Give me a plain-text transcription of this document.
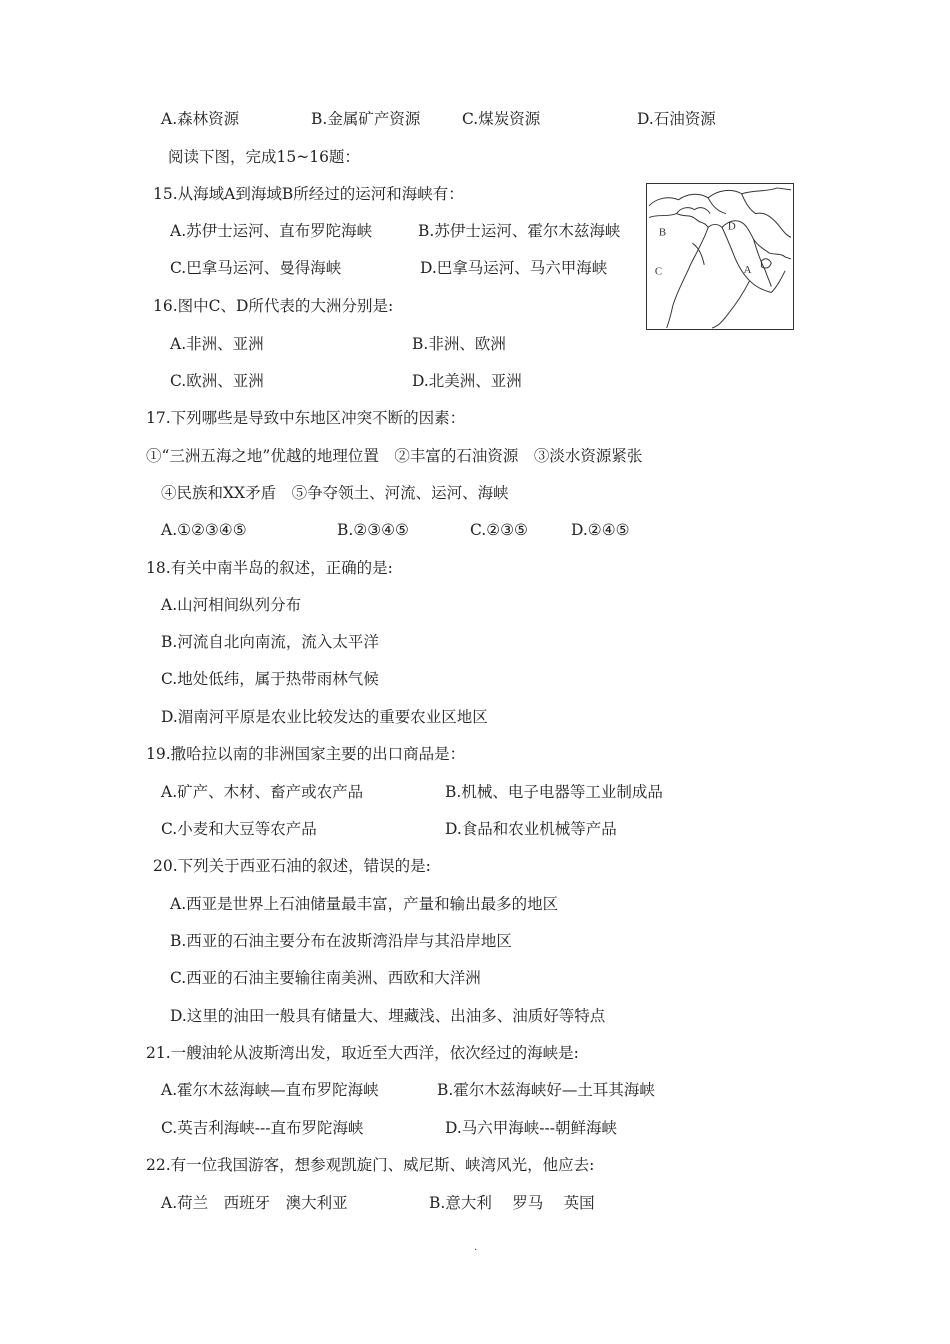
A.森林资源	B.金属矿产资源	C.煤炭资源	D.石油资源
阅读下图，完成15~16题：
15.从海域A到海域B所经过的运河和海峡有：
A.苏伊士运河、直布罗陀海峡	B.苏伊士运河、霍尔木兹海峡
C.巴拿马运河、曼得海峡	D.巴拿马运河、马六甲海峡
B	D
C	A
16.图中C、D所代表的大洲分别是:
A.非洲、亚洲	B.非洲、欧洲
C.欧洲、亚洲	D.北美洲、亚洲
17.下列哪些是导致中东地区冲突不断的因素：
①“三洲五海之地”优越的地理位置　②丰富的石油资源　③淡水资源紧张
④民族和XX矛盾　⑤争夺领土、河流、运河、海峡
A.①②③④⑤	B.②③④⑤	C.②③⑤	D.②④⑤
18.有关中南半岛的叙述，正确的是:
A.山河相间纵列分布
B.河流自北向南流，流入太平洋
C.地处低纬，属于热带雨林气候
D.湄南河平原是农业比较发达的重要农业区地区
19.撒哈拉以南的非洲国家主要的出口商品是：
A.矿产、木材、畜产或农产品	B.机械、电子电器等工业制成品
C.小麦和大豆等农产品	D.食品和农业机械等产品
20.下列关于西亚石油的叙述，错误的是:
A.西亚是世界上石油储量最丰富，产量和输出最多的地区
B.西亚的石油主要分布在波斯湾沿岸与其沿岸地区
C.西亚的石油主要输往南美洲、西欧和大洋洲
D.这里的油田一般具有储量大、埋藏浅、出油多、油质好等特点
21.一艘油轮从波斯湾出发，取近至大西洋，依次经过的海峡是:
A.霍尔木兹海峡—直布罗陀海峡	B.霍尔木兹海峡好—土耳其海峡
C.英吉利海峡---直布罗陀海峡	D.马六甲海峡---朝鲜海峡
22.有一位我国游客，想参观凯旋门、威尼斯、峡湾风光，他应去:
A.荷兰　西班牙　澳大利亚	B.意大利　 罗马　 英国
.
